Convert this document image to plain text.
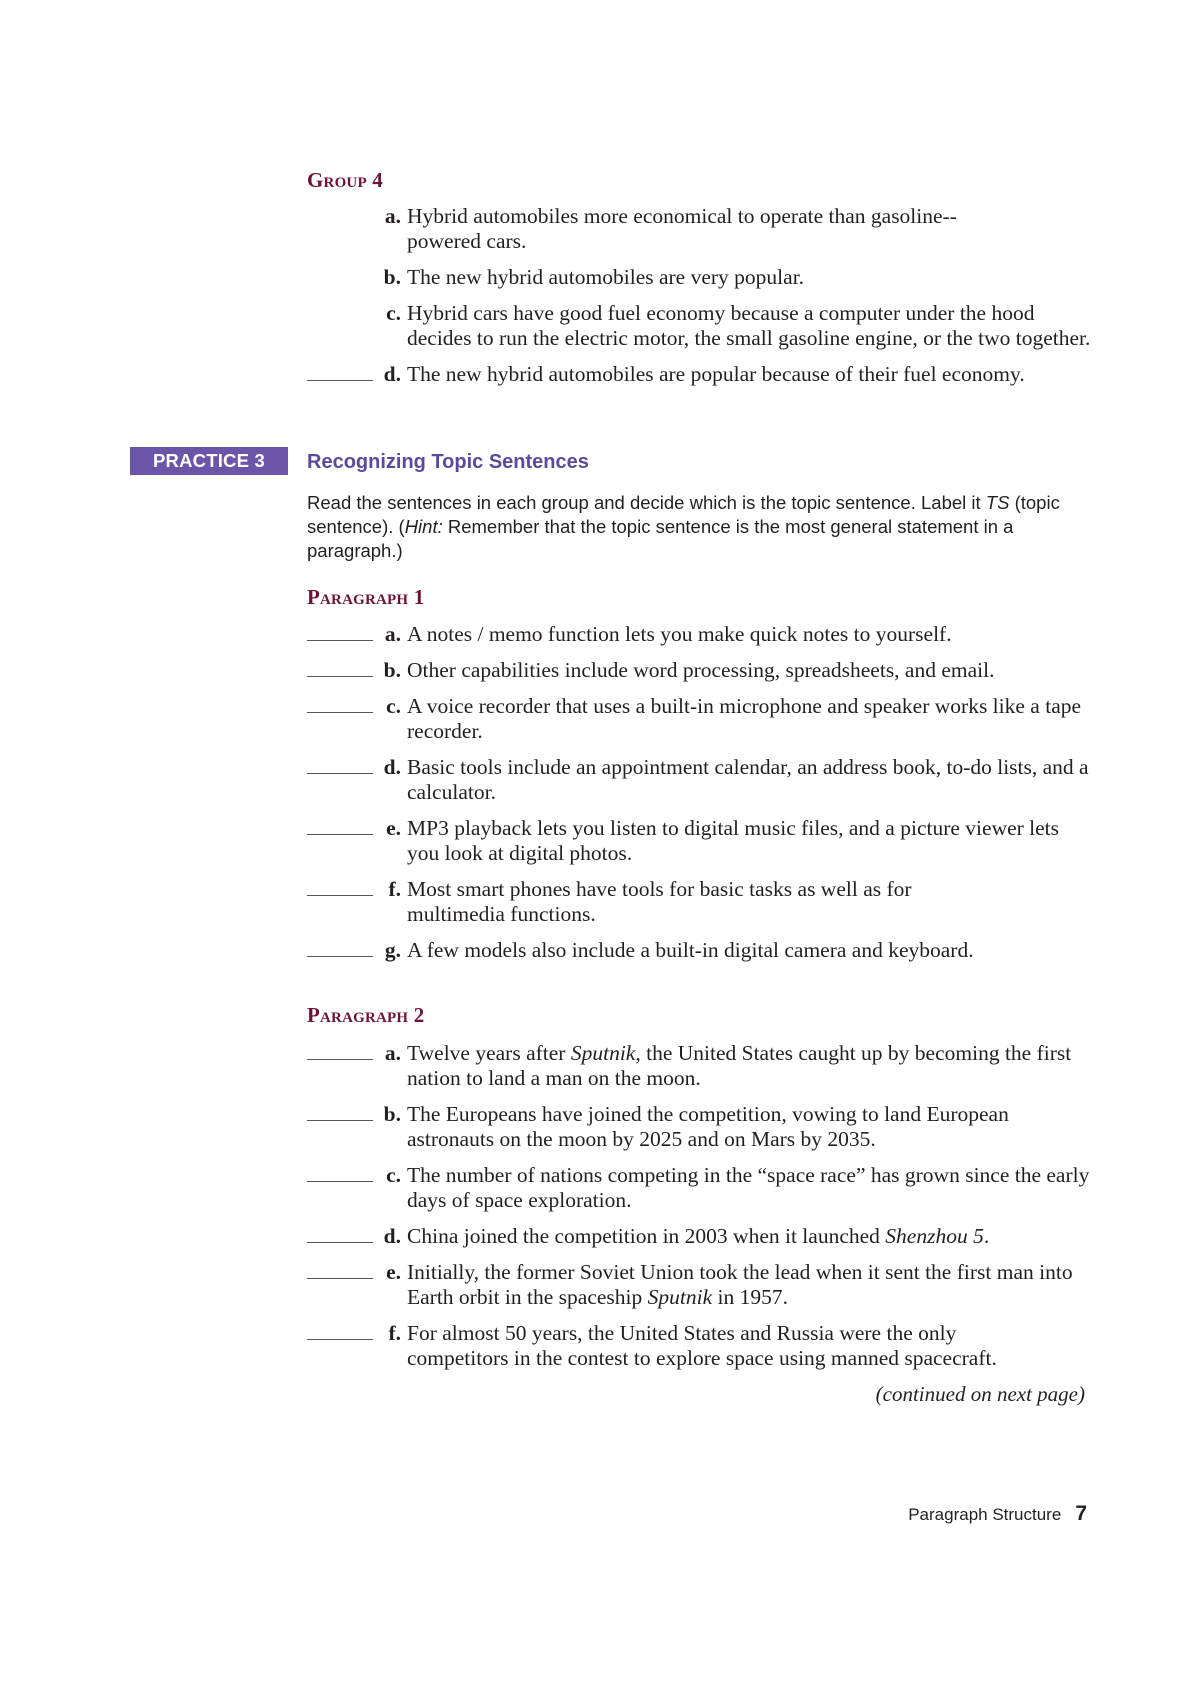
Group 4
a. Hybrid automobiles more economical to operate than gasoline-powered cars.
b. The new hybrid automobiles are very popular.
c. Hybrid cars have good fuel economy because a computer under the hood decides to run the electric motor, the small gasoline engine, or the two together.
d. The new hybrid automobiles are popular because of their fuel economy.
PRACTICE 3	Recognizing Topic Sentences
Read the sentences in each group and decide which is the topic sentence. Label it TS (topic sentence). (Hint: Remember that the topic sentence is the most general statement in a paragraph.)
Paragraph 1
a. A notes / memo function lets you make quick notes to yourself.
b. Other capabilities include word processing, spreadsheets, and email.
c. A voice recorder that uses a built-in microphone and speaker works like a tape recorder.
d. Basic tools include an appointment calendar, an address book, to-do lists, and a calculator.
e. MP3 playback lets you listen to digital music files, and a picture viewer lets you look at digital photos.
f. Most smart phones have tools for basic tasks as well as for multimedia functions.
g. A few models also include a built-in digital camera and keyboard.
Paragraph 2
a. Twelve years after Sputnik, the United States caught up by becoming the first nation to land a man on the moon.
b. The Europeans have joined the competition, vowing to land European astronauts on the moon by 2025 and on Mars by 2035.
c. The number of nations competing in the “space race” has grown since the early days of space exploration.
d. China joined the competition in 2003 when it launched Shenzhou 5.
e. Initially, the former Soviet Union took the lead when it sent the first man into Earth orbit in the spaceship Sputnik in 1957.
f. For almost 50 years, the United States and Russia were the only competitors in the contest to explore space using manned spacecraft.
(continued on next page)
Paragraph Structure 7
